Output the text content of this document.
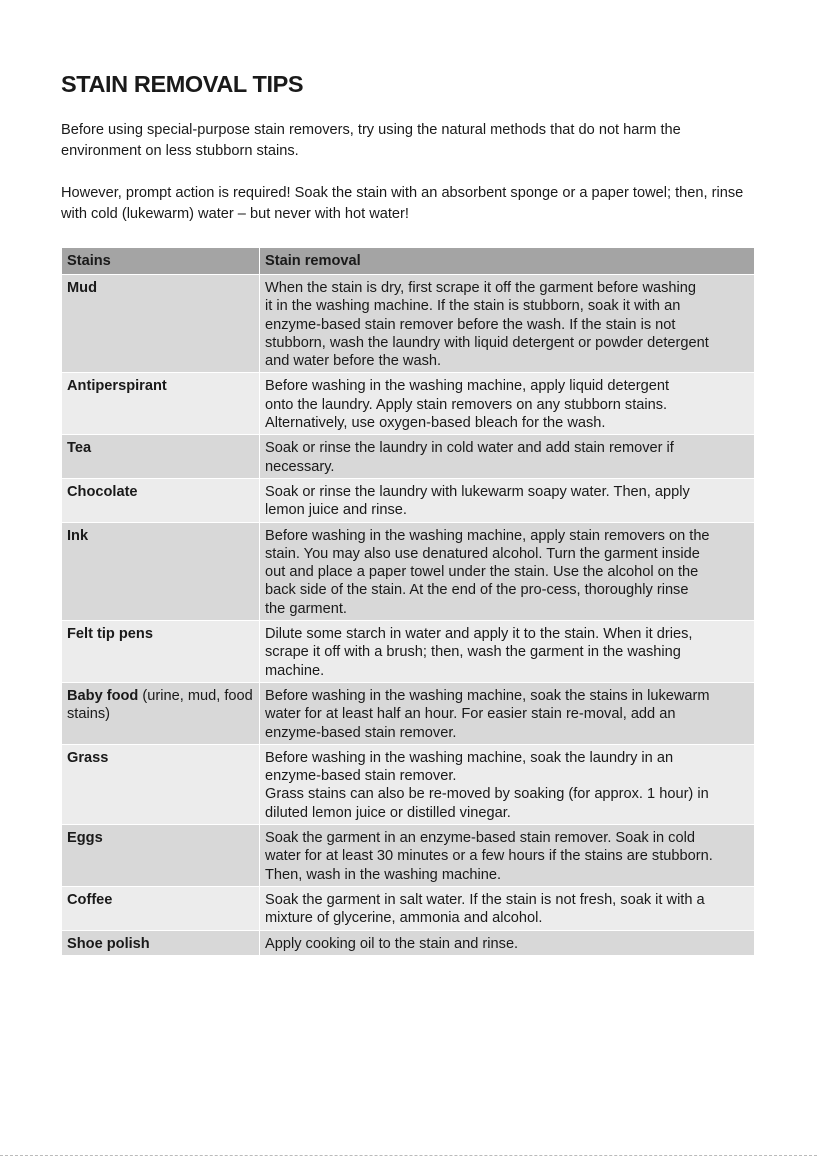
STAIN REMOVAL TIPS

Before using special-purpose stain removers, try using the natural methods that do not harm the environment on less stubborn stains.

However, prompt action is required! Soak the stain with an absorbent sponge or a paper towel; then, rinse with cold (lukewarm) water – but never with hot water!

Stains	Stain removal
Mud	When the stain is dry, first scrape it off the garment before washing
it in the washing machine. If the stain is stubborn, soak it with an
enzyme-based stain remover before the wash. If the stain is not
stubborn, wash the laundry with liquid detergent or powder detergent
and water before the wash.
Antiperspirant	Before washing in the washing machine, apply liquid detergent
onto the laundry. Apply stain removers on any stubborn stains.
Alternatively, use oxygen-based bleach for the wash.
Tea	Soak or rinse the laundry in cold water and add stain remover if
necessary.
Chocolate	Soak or rinse the laundry with lukewarm soapy water. Then, apply
lemon juice and rinse.
Ink	Before washing in the washing machine, apply stain removers on the
stain. You may also use denatured alcohol. Turn the garment inside
out and place a paper towel under the stain. Use the alcohol on the
back side of the stain. At the end of the pro-cess, thoroughly rinse
the garment.
Felt tip pens	Dilute some starch in water and apply it to the stain. When it dries,
scrape it off with a brush; then, wash the garment in the washing
machine.
Baby food (urine, mud, food stains)	Before washing in the washing machine, soak the stains in lukewarm
water for at least half an hour. For easier stain re-moval, add an
enzyme-based stain remover.
Grass	Before washing in the washing machine, soak the laundry in an
enzyme-based stain remover.
Grass stains can also be re-moved by soaking (for approx. 1 hour) in
diluted lemon juice or distilled vinegar.
Eggs	Soak the garment in an enzyme-based stain remover. Soak in cold
water for at least 30 minutes or a few hours if the stains are stubborn.
Then, wash in the washing machine.
Coffee	Soak the garment in salt water. If the stain is not fresh, soak it with a
mixture of glycerine, ammonia and alcohol.
Shoe polish	Apply cooking oil to the stain and rinse.
